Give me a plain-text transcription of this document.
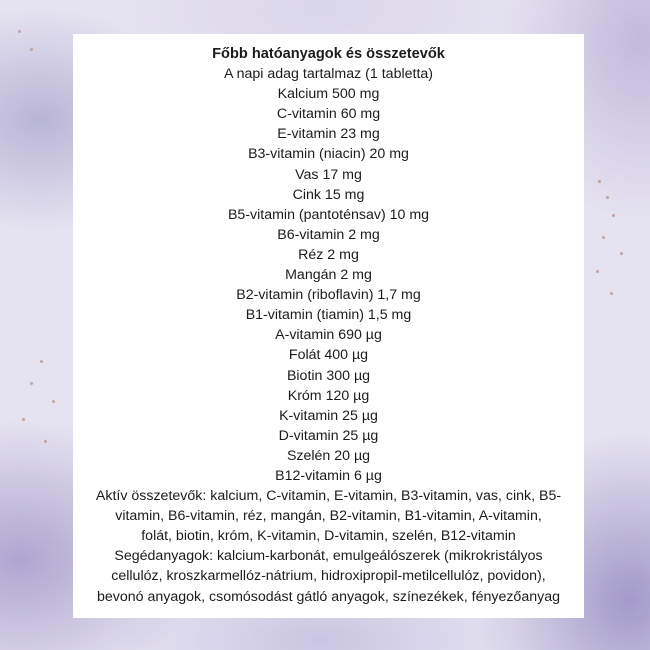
Főbb hatóanyagok és összetevők
A napi adag tartalmaz (1 tabletta)
Kalcium 500 mg
C-vitamin 60 mg
E-vitamin 23 mg
B3-vitamin (niacin) 20 mg
Vas 17 mg
Cink 15 mg
B5-vitamin (pantoténsav) 10 mg
B6-vitamin 2 mg
Réz 2 mg
Mangán 2 mg
B2-vitamin (riboflavin) 1,7 mg
B1-vitamin (tiamin) 1,5 mg
A-vitamin 690 µg
Folát 400 µg
Biotin 300 µg
Króm 120 µg
K-vitamin 25 µg
D-vitamin 25 µg
Szelén 20 µg
B12-vitamin 6 µg
Aktív összetevők: kalcium, C-vitamin, E-vitamin, B3-vitamin, vas, cink, B5-
vitamin, B6-vitamin, réz, mangán, B2-vitamin, B1-vitamin, A-vitamin,
folát, biotin, króm, K-vitamin, D-vitamin, szelén, B12-vitamin
Segédanyagok: kalcium-karbonát, emulgeálószerek (mikrokristályos
cellulóz, kroszkarmellóz-nátrium, hidroxipropil-metilcellulóz, povidon),
bevonó anyagok, csomósodást gátló anyagok, színezékek, fényezőanyag
